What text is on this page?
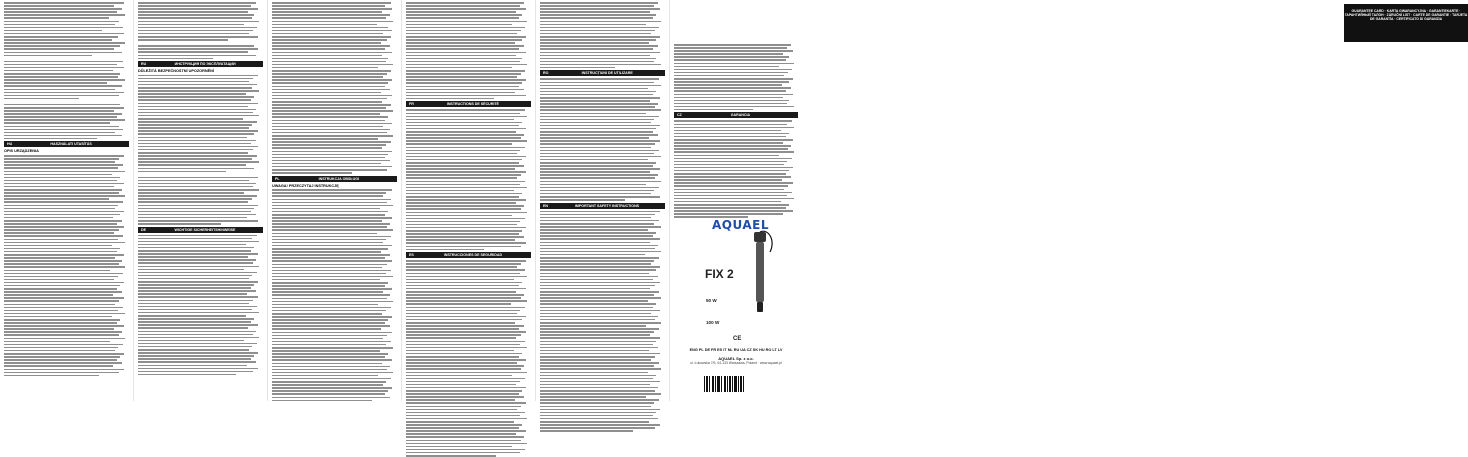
HU	HASZNÁLATI UTASÍTÁS
OPIS URZĄDZENIA
RU	ИНСТРУКЦИЯ ПО ЭКСПЛУАТАЦИИ
DŮLEŽITÁ BEZPEČNOSTNÍ UPOZORNĚNÍ
DE	WICHTIGE SICHERHEITSHINWEISE
PL	INSTRUKCJA OBSŁUGI
UWAGA! PRZECZYTAJ INSTRUKCJĘ
FR	INSTRUCTIONS DE SÉCURITÉ
ES	INSTRUCCIONES DE SEGURIDAD
RO	INSTRUCȚIUNI DE UTILIZARE
EN	IMPORTANT SAFETY INSTRUCTIONS
GUARANTEE CARD · KARTA GWARANCYJNA · GARANTIEKARTE · ГАРАНТИЙНЫЙ ТАЛОН · ZÁRUČNÍ LIST · CARTE DE GARANTIE · TARJETA DE GARANTÍA · CERTIFICATO DI GARANZIA
CZ	GARANCIA
AQUAEL
FIX 2
50 W
100 W
CE
ENG PL DE FR ES IT NL RU UA CZ SK HU RO LT LV
AQUAEL Sp. z o.o.
ul. Łukowska 7/9, 04-133 Warszawa, Poland · www.aquael.pl
